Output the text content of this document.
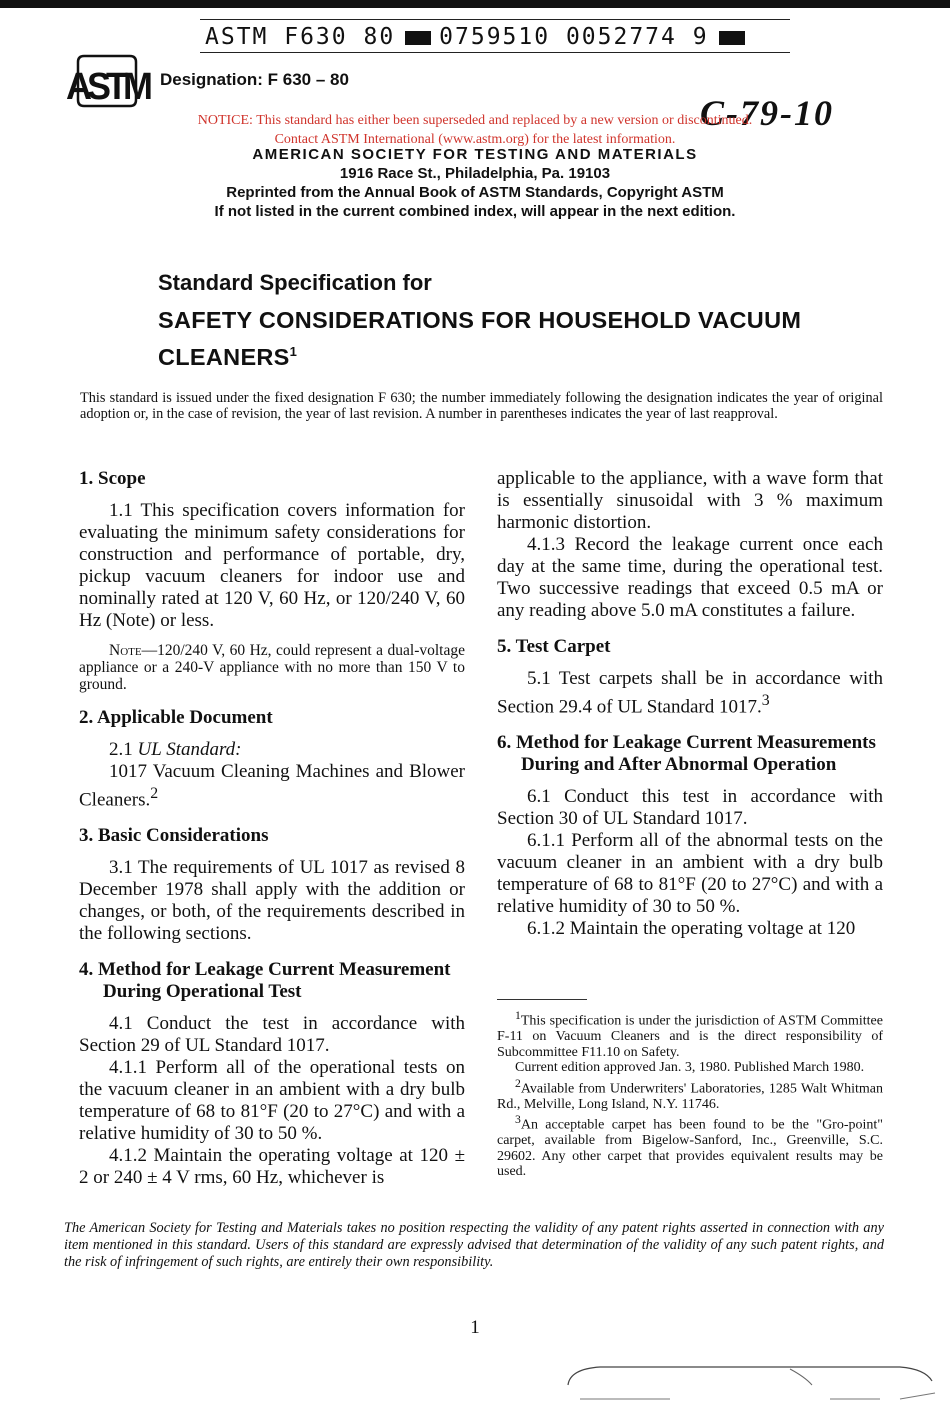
ASTM F630 80 0759510 0052774 9
ASTM Designation: F 630 – 80
C-79-10
NOTICE: This standard has either been superseded and replaced by a new version or discontinued.
Contact ASTM International (www.astm.org) for the latest information.
AMERICAN SOCIETY FOR TESTING AND MATERIALS
1916 Race St., Philadelphia, Pa. 19103
Reprinted from the Annual Book of ASTM Standards, Copyright ASTM
If not listed in the current combined index, will appear in the next edition.
Standard Specification for
SAFETY CONSIDERATIONS FOR HOUSEHOLD VACUUM CLEANERS$^1$
This standard is issued under the fixed designation F 630; the number immediately following the designation indicates the year of original adoption or, in the case of revision, the year of last revision. A number in parentheses indicates the year of last reapproval.
1. Scope

1.1 This specification covers information for evaluating the minimum safety considerations for construction and performance of portable, dry, pickup vacuum cleaners for indoor use and nominally rated at 120 V, 60 Hz, or 120/240 V, 60 Hz (Note) or less.

Note—120/240 V, 60 Hz, could represent a dual-voltage appliance or a 240-V appliance with no more than 150 V to ground.

2. Applicable Document

2.1 UL Standard:

1017 Vacuum Cleaning Machines and Blower Cleaners.$^2$

3. Basic Considerations

3.1 The requirements of UL 1017 as revised 8 December 1978 shall apply with the addition or changes, or both, of the requirements described in the following sections.

4. Method for Leakage Current Measurement During Operational Test

4.1 Conduct the test in accordance with Section 29 of UL Standard 1017.

4.1.1 Perform all of the operational tests on the vacuum cleaner in an ambient with a dry bulb temperature of 68 to 81°F (20 to 27°C) and with a relative humidity of 30 to 50 %.

4.1.2 Maintain the operating voltage at 120 ± 2 or 240 ± 4 V rms, 60 Hz, whichever is

applicable to the appliance, with a wave form that is essentially sinusoidal with 3 % maximum harmonic distortion.

4.1.3 Record the leakage current once each day at the same time, during the operational test. Two successive readings that exceed 0.5 mA or any reading above 5.0 mA constitutes a failure.

5. Test Carpet

5.1 Test carpets shall be in accordance with Section 29.4 of UL Standard 1017.$^3$

6. Method for Leakage Current Measurements During and After Abnormal Operation

6.1 Conduct this test in accordance with Section 30 of UL Standard 1017.

6.1.1 Perform all of the abnormal tests on the vacuum cleaner in an ambient with a dry bulb temperature of 68 to 81°F (20 to 27°C) and with a relative humidity of 30 to 50 %.

6.1.2 Maintain the operating voltage at 120

$^1$This specification is under the jurisdiction of ASTM Committee F-11 on Vacuum Cleaners and is the direct responsibility of Subcommittee F11.10 on Safety.

Current edition approved Jan. 3, 1980. Published March 1980.

$^2$Available from Underwriters' Laboratories, 1285 Walt Whitman Rd., Melville, Long Island, N.Y. 11746.

$^3$An acceptable carpet has been found to be the "Gro-point" carpet, available from Bigelow-Sanford, Inc., Greenville, S.C. 29602. Any other carpet that provides equivalent results may be used.

The American Society for Testing and Materials takes no position respecting the validity of any patent rights asserted in connection with any item mentioned in this standard. Users of this standard are expressly advised that determination of the validity of any such patent rights, and the risk of infringement of such rights, are entirely their own responsibility.
1
